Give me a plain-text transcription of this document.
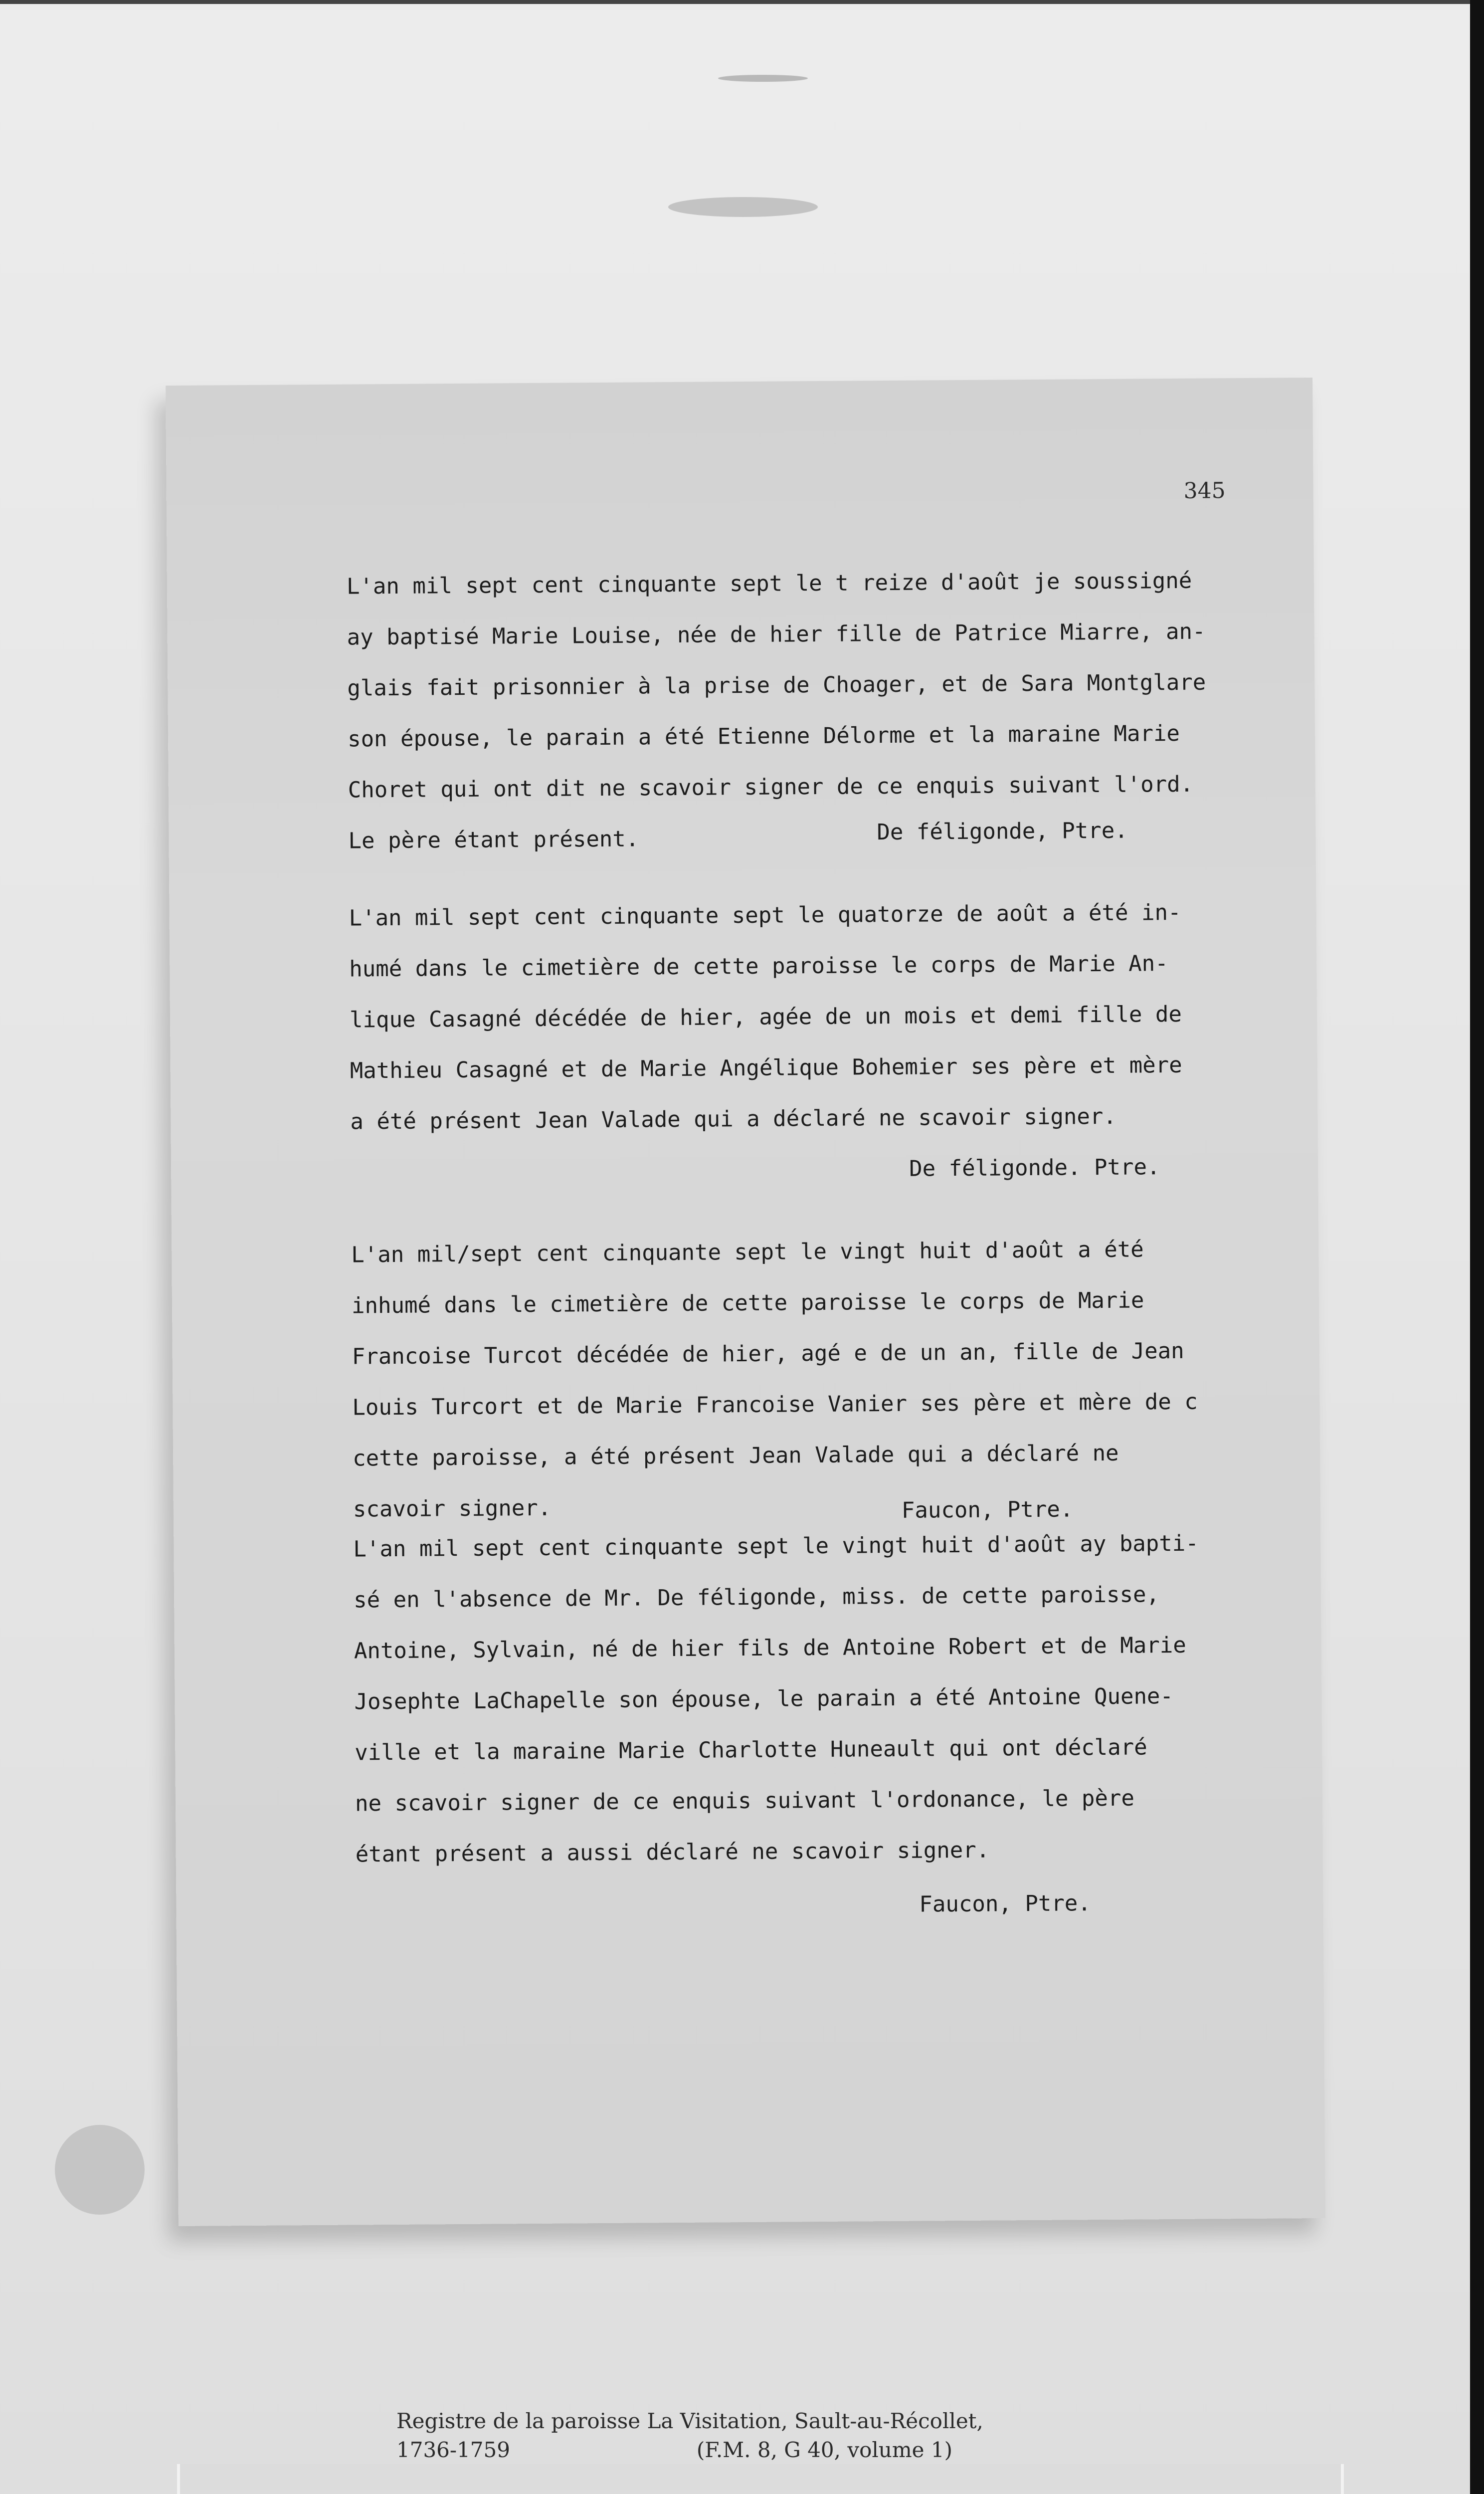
345
L'an mil sept cent cinquante sept le t reize d'août je soussigné
ay baptisé Marie Louise, née de hier fille de Patrice Miarre, an-
glais fait prisonnier à la prise de Choager, et de Sara Montglare
son épouse, le parain a été Etienne Délorme et la maraine Marie
Choret qui ont dit ne scavoir signer de ce enquis suivant l'ord.
Le père étant présent.	De féligonde, Ptre.
L'an mil sept cent cinquante sept le quatorze de août a été in-
humé dans le cimetière de cette paroisse le corps de Marie An-
lique Casagné décédée de hier, agée de un mois et demi fille de
Mathieu Casagné et de Marie Angélique Bohemier ses père et mère
a été présent Jean Valade qui a déclaré ne scavoir signer.
De féligonde. Ptre.
L'an mil/sept cent cinquante sept le vingt huit d'août a été
inhumé dans le cimetière de cette paroisse le corps de Marie
Francoise Turcot décédée de hier, agé e de un an, fille de Jean
Louis Turcort et de Marie Francoise Vanier ses père et mère de c
cette paroisse, a été présent Jean Valade qui a déclaré ne
scavoir signer.	Faucon, Ptre.
L'an mil sept cent cinquante sept le vingt huit d'août ay bapti-
sé en l'absence de Mr. De féligonde, miss. de cette paroisse,
Antoine, Sylvain, né de hier fils de Antoine Robert et de Marie
Josephte LaChapelle son épouse, le parain a été Antoine Quene-
ville et la maraine Marie Charlotte Huneault qui ont déclaré
ne scavoir signer de ce enquis suivant l'ordonance, le père
étant présent a aussi déclaré ne scavoir signer.
Faucon, Ptre.
Registre de la paroisse La Visitation, Sault-au-Récollet,
1736-1759	(F.M. 8, G 40, volume 1)
